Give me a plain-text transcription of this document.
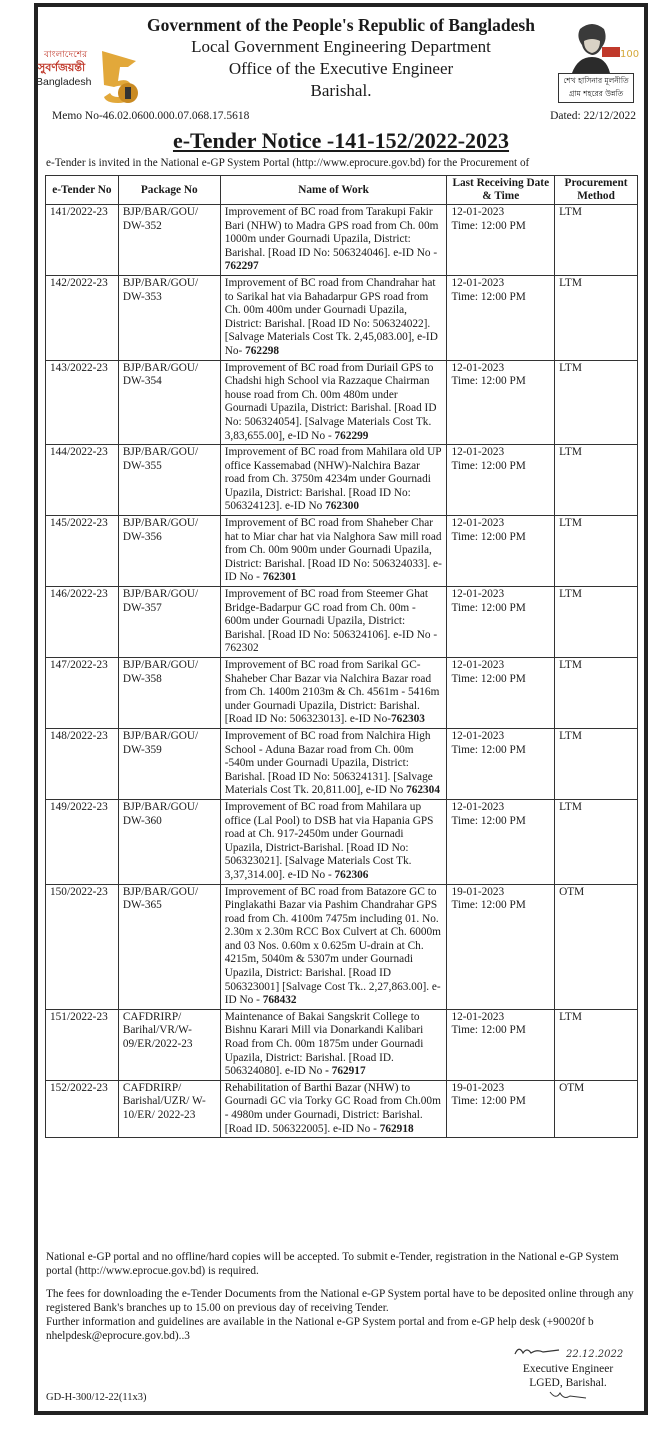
বাংলাদেশের
সুবর্ণজয়ন্তী
Bangladesh
Government of the People's Republic of Bangladesh
Local Government Engineering Department
Office of the Executive Engineer
Barishal.
100
শেখ হাসিনার মূলনীতি
গ্রাম শহরের উন্নতি
Memo No-46.02.0600.000.07.068.17.5618	Dated: 22/12/2022
e-Tender Notice -141-152/2022-2023
e-Tender is invited in the National e-GP System Portal (http://www.eprocure.gov.bd) for the Procurement of
e-Tender No	Package No	Name of Work	Last Receiving Date & Time	Procurement Method
141/2022-23	BJP/BAR/GOU/ DW-352	Improvement of BC road from Tarakupi Fakir Bari (NHW) to Madra GPS road from Ch. 00m 1000m under Gournadi Upazila, District: Barishal. [Road ID No: 506324046]. e-ID No - 762297	12-01-2023
Time: 12:00 PM	LTM
142/2022-23	BJP/BAR/GOU/ DW-353	Improvement of BC road from Chandrahar hat to Sarikal hat via Bahadarpur GPS road from Ch. 00m 400m under Gournadi Upazila, District: Barishal. [Road ID No: 506324022]. [Salvage Materials Cost Tk. 2,45,083.00], e-ID No- 762298	12-01-2023
Time: 12:00 PM	LTM
143/2022-23	BJP/BAR/GOU/ DW-354	Improvement of BC road from Duriail GPS to Chadshi high School via Razzaque Chairman house road from Ch. 00m 480m under Gournadi Upazila, District: Barishal. [Road ID No: 506324054]. [Salvage Materials Cost Tk. 3,83,655.00], e-ID No - 762299	12-01-2023
Time: 12:00 PM	LTM
144/2022-23	BJP/BAR/GOU/ DW-355	Improvement of BC road from Mahilara old UP office Kassemabad (NHW)-Nalchira Bazar road from Ch. 3750m 4234m under Gournadi Upazila, District: Barishal. [Road ID No: 506324123]. e-ID No 762300	12-01-2023
Time: 12:00 PM	LTM
145/2022-23	BJP/BAR/GOU/ DW-356	Improvement of BC road from Shaheber Char hat to Miar char hat via Nalghora Saw mill road from Ch. 00m 900m under Gournadi Upazila, District: Barishal. [Road ID No: 506324033]. e-ID No - 762301	12-01-2023
Time: 12:00 PM	LTM
146/2022-23	BJP/BAR/GOU/ DW-357	Improvement of BC road from Steemer Ghat Bridge-Badarpur GC road from Ch. 00m - 600m under Gournadi Upazila, District: Barishal. [Road ID No: 506324106]. e-ID No - 762302	12-01-2023
Time: 12:00 PM	LTM
147/2022-23	BJP/BAR/GOU/ DW-358	Improvement of BC road from Sarikal GC- Shaheber Char Bazar via Nalchira Bazar road from Ch. 1400m 2103m & Ch. 4561m - 5416m under Gournadi Upazila, District: Barishal. [Road ID No: 506323013]. e-ID No-762303	12-01-2023
Time: 12:00 PM	LTM
148/2022-23	BJP/BAR/GOU/ DW-359	Improvement of BC road from Nalchira High School - Aduna Bazar road from Ch. 00m -540m under Gournadi Upazila, District: Barishal. [Road ID No: 506324131]. [Salvage Materials Cost Tk. 20,811.00], e-ID No 762304	12-01-2023
Time: 12:00 PM	LTM
149/2022-23	BJP/BAR/GOU/ DW-360	Improvement of BC road from Mahilara up office (Lal Pool) to DSB hat via Hapania GPS road at Ch. 917-2450m under Gournadi Upazila, District-Barishal. [Road ID No: 506323021]. [Salvage Materials Cost Tk. 3,37,314.00]. e-ID No - 762306	12-01-2023
Time: 12:00 PM	LTM
150/2022-23	BJP/BAR/GOU/ DW-365	Improvement of BC road from Batazore GC to Pinglakathi Bazar via Pashim Chandrahar GPS road from Ch. 4100m 7475m including 01. No. 2.30m x 2.30m RCC Box Culvert at Ch. 6000m and 03 Nos. 0.60m x 0.625m U-drain at Ch. 4215m, 5040m & 5307m under Gournadi Upazila, District: Barishal. [Road ID 506323001] [Salvage Cost Tk.. 2,27,863.00]. e-ID No - 768432	19-01-2023
Time: 12:00 PM	OTM
151/2022-23	CAFDRIRP/ Barihal/VR/W-09/ER/2022-23	Maintenance of Bakai Sangskrit College to Bishnu Karari Mill via Donarkandi Kalibari Road from Ch. 00m 1875m under Gournadi Upazila, District: Barishal. [Road ID. 506324080]. e-ID No - 762917	12-01-2023
Time: 12:00 PM	LTM
152/2022-23	CAFDRIRP/ Barishal/UZR/ W- 10/ER/ 2022-23	Rehabilitation of Barthi Bazar (NHW) to Gournadi GC via Torky GC Road from Ch.00m - 4980m under Gournadi, District: Barishal. [Road ID. 506322005]. e-ID No - 762918	19-01-2023
Time: 12:00 PM	OTM
National e-GP portal and no offline/hard copies will be accepted. To submit e-Tender, registration in the National e-GP System portal (http://www.eprocue.gov.bd) is required.
The fees for downloading the e-Tender Documents from the National e-GP System portal have to be deposited online through any registered Bank's branches up to 15.00 on previous day of receiving Tender.
Further information and guidelines are available in the National e-GP System portal and from e-GP help desk (+90020f b nhelpdesk@eprocure.gov.bd)..3
22.12.2022
Executive Engineer
LGED, Barishal.
GD-H-300/12-22(11x3)
